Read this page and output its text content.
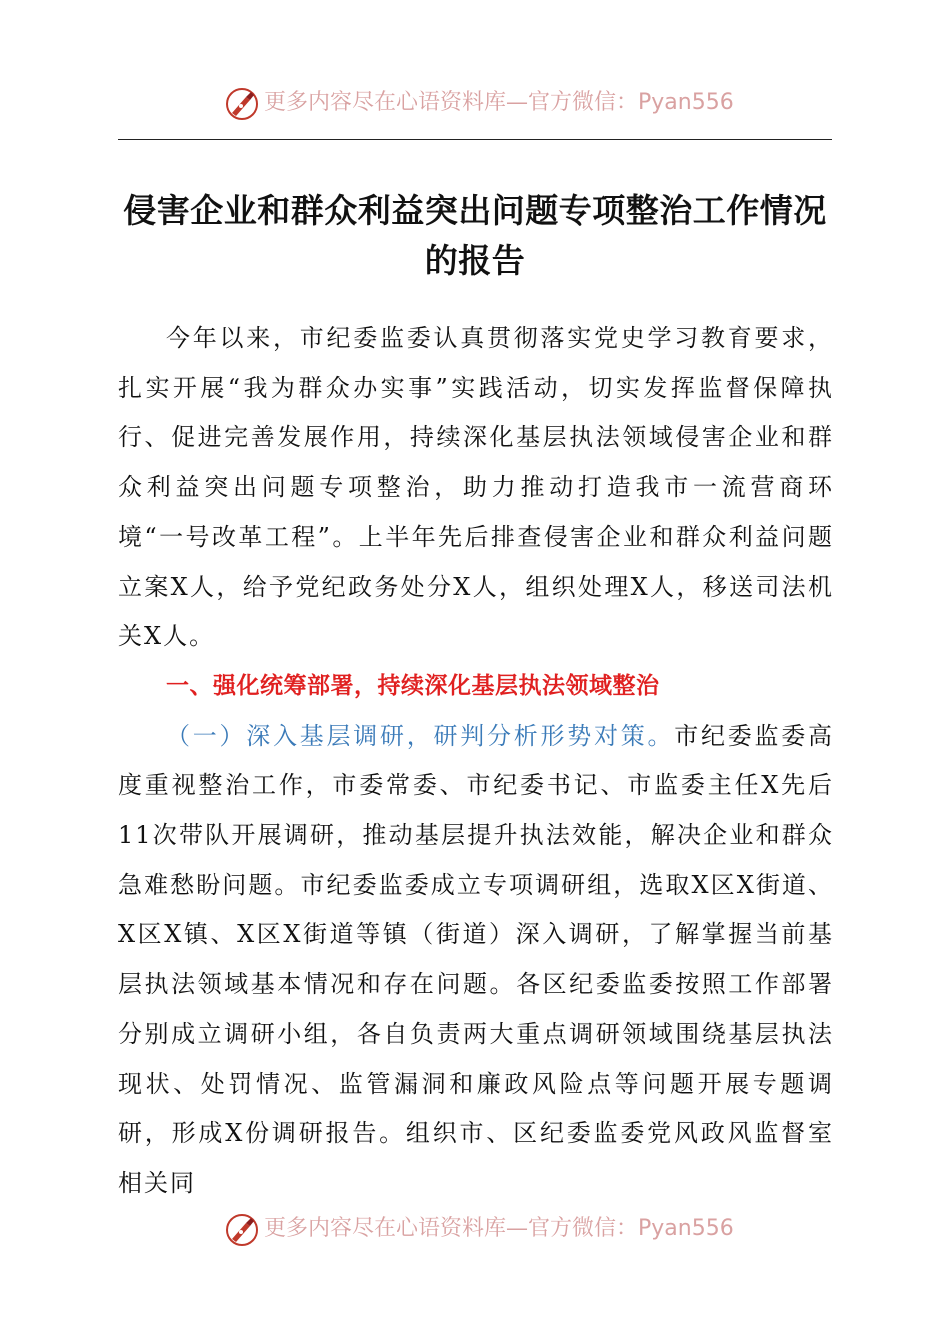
更多内容尽在心语资料库—官方微信：Pyan556
侵害企业和群众利益突出问题专项整治工作情况的报告

今年以来，市纪委监委认真贯彻落实党史学习教育要求，扎实开展“我为群众办实事”实践活动，切实发挥监督保障执行、促进完善发展作用，持续深化基层执法领域侵害企业和群众利益突出问题专项整治，助力推动打造我市一流营商环境“一号改革工程”。上半年先后排查侵害企业和群众利益问题立案X人，给予党纪政务处分X人，组织处理X人，移送司法机关X人。

一、强化统筹部署，持续深化基层执法领域整治

（一）深入基层调研，研判分析形势对策。市纪委监委高度重视整治工作，市委常委、市纪委书记、市监委主任X先后11次带队开展调研，推动基层提升执法效能，解决企业和群众急难愁盼问题。市纪委监委成立专项调研组，选取X区X街道、X区X镇、X区X街道等镇（街道）深入调研，了解掌握当前基层执法领域基本情况和存在问题。各区纪委监委按照工作部署分别成立调研小组，各自负责两大重点调研领域围绕基层执法现状、处罚情况、监管漏洞和廉政风险点等问题开展专题调研，形成X份调研报告。组织市、区纪委监委党风政风监督室相关同

更多内容尽在心语资料库—官方微信：Pyan556
